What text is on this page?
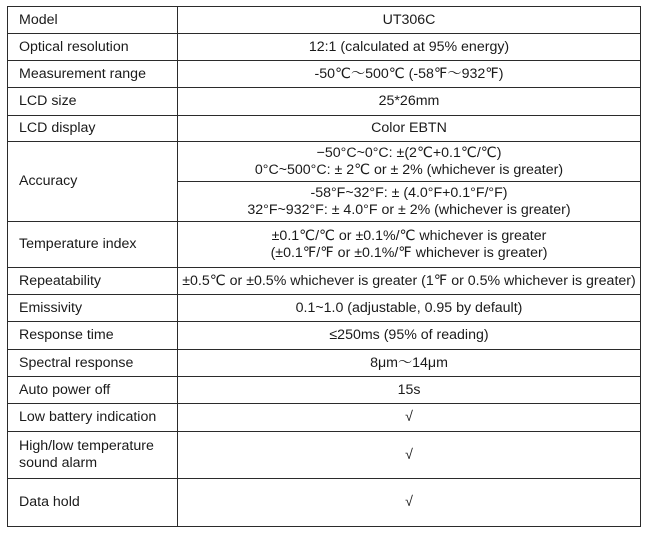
Model	UT306C
Optical resolution	12:1 (calculated at 95% energy)
Measurement range	-50℃～500℃ (-58℉～932℉)
LCD size	25*26mm
LCD display	Color EBTN
Accuracy	−50°C~0°C: ±(2℃+0.1℃/℃)
0°C~500°C: ± 2℃ or ± 2% (whichever is greater)

	-58°F~32°F: ± (4.0°F+0.1°F/°F)
32°F~932°F: ± 4.0°F or ± 2% (whichever is greater)

Temperature index	±0.1℃/℃ or ±0.1%/℃ whichever is greater
(±0.1℉/℉ or ±0.1%/℉ whichever is greater)

Repeatability	±0.5℃ or ±0.5% whichever is greater (1℉ or 0.5% whichever is greater)
Emissivity	0.1~1.0 (adjustable, 0.95 by default)
Response time	≤250ms (95% of reading)
Spectral response	8μm～14μm
Auto power off	15s
Low battery indication	√

High/low temperature
sound alarm	√
Data hold	√
